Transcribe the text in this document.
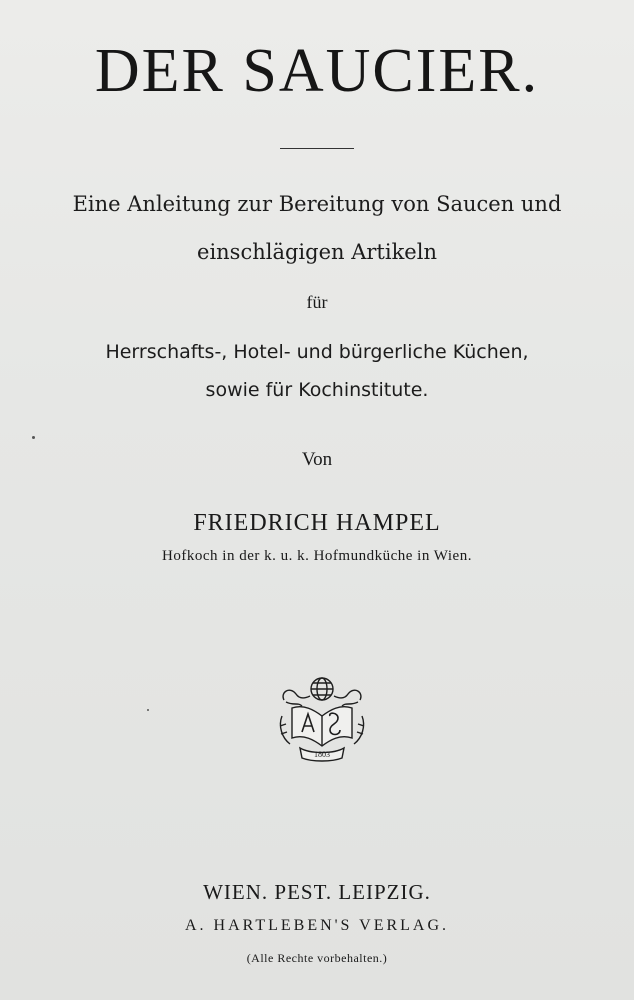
DER SAUCIER.
Eine Anleitung zur Bereitung von Saucen und
einschlägigen Artikeln
für
Herrschafts-, Hotel- und bürgerliche Küchen,
sowie für Kochinstitute.
Von
FRIEDRICH HAMPEL
Hofkoch in der k. u. k. Hofmundküche in Wien.
1803
WIEN. PEST. LEIPZIG.
A. HARTLEBEN'S VERLAG.
(Alle Rechte vorbehalten.)
